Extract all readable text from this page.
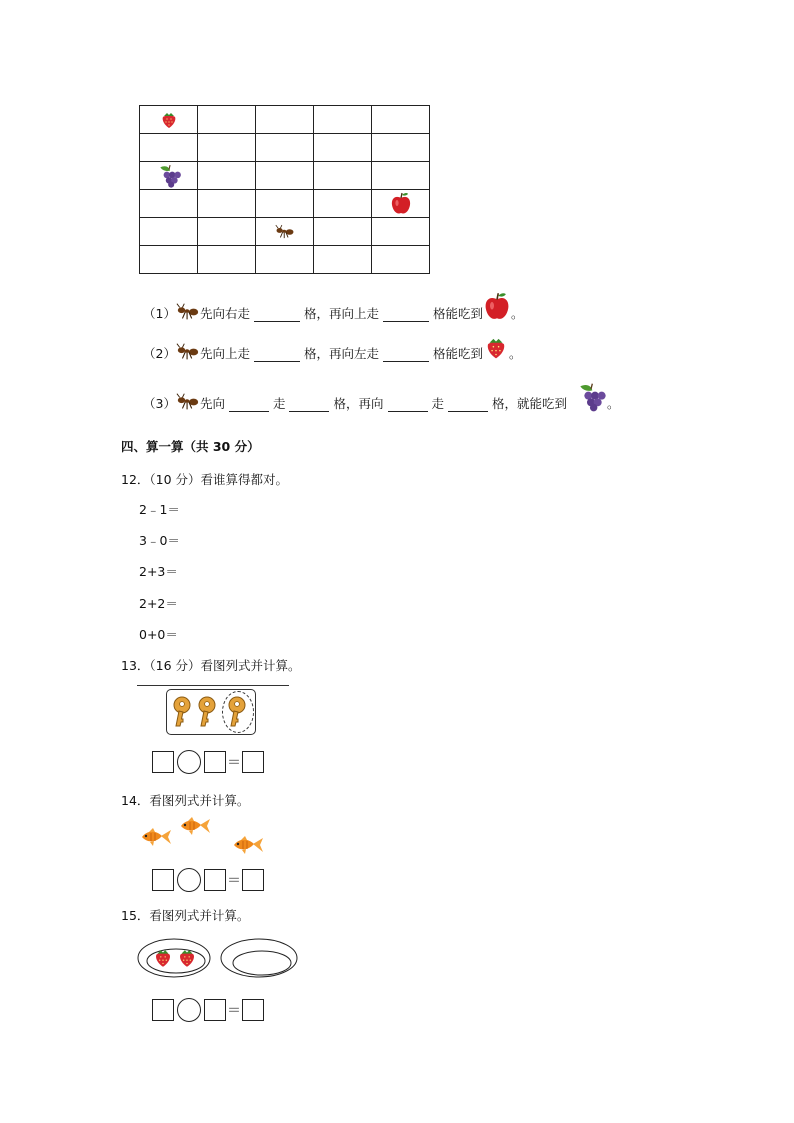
（1） 先向右走	格，再向上走	格能吃到 。
（2） 先向上走	格，再向左走	格能吃到 。
（3） 先向	走	格，再向	走	格，就能吃到	。
四、算一算（共 30 分）
12．（10 分）看谁算得都对。
2﹣1＝
3﹣0＝
2+3＝
2+2＝
0+0＝
13．（16 分）看图列式并计算。
＝
14．看图列式并计算。
＝
15．看图列式并计算。
＝
